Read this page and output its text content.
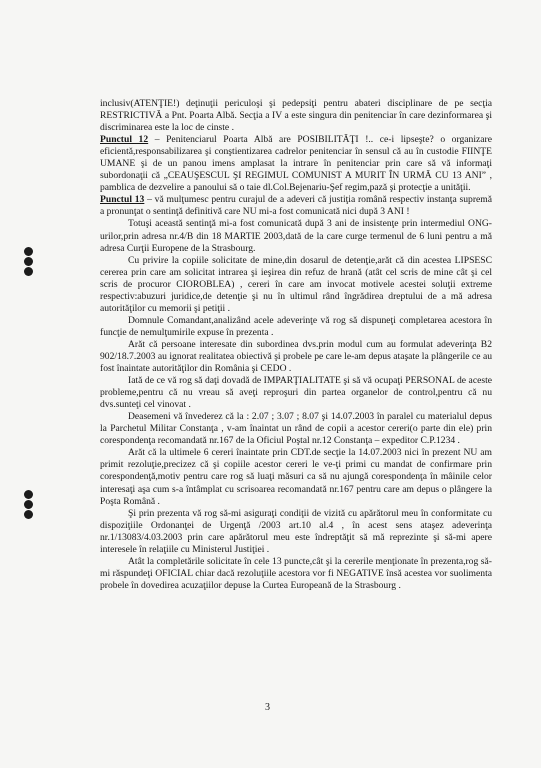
inclusiv(ATENŢIE!) deţinuţii periculoşi şi pedepsiţi pentru abateri disciplinare de pe secţia RESTRICTIVĂ a Pnt. Poarta Albă. Secţia a IV a este singura din penitenciar în care dezinformarea şi discriminarea este la loc de cinste .

Punctul 12 – Penitenciarul Poarta Albă are POSIBILITĂŢI !.. ce-i lipseşte? o organizare eficientă,responsabilizarea şi conştientizarea cadrelor penitenciar în sensul că au în custodie FIINŢE UMANE şi de un panou imens amplasat la intrare în penitenciar prin care să vă informaţi subordonaţii că „CEAUŞESCUL ŞI REGIMUL COMUNIST A MURIT ÎN URMĂ CU 13 ANI” , pamblica de dezvelire a panoului să o taie dl.Col.Bejenariu-Şef regim,pază şi protecţie a unităţii.

Punctul 13 – vă mulţumesc pentru curajul de a adeveri că justiţia română respectiv instanţa supremă a pronunţat o sentinţă definitivă care NU mi-a fost comunicată nici după 3 ANI !

Totuşi această sentinţă mi-a fost comunicată după 3 ani de insistenţe prin intermediul ONG-urilor,prin adresa nr.4/B din 18 MARTIE 2003,dată de la care curge termenul de 6 luni pentru a mă adresa Curţii Europene de la Strasbourg.

Cu privire la copiile solicitate de mine,din dosarul de detenţie,arăt că din acestea LIPSESC cererea prin care am solicitat intrarea şi ieşirea din refuz de hrană (atât cel scris de mine cât şi cel scris de procuror CIOROBLEA) , cereri în care am invocat motivele acestei soluţii extreme respectiv:abuzuri juridice,de detenţie şi nu în ultimul rând îngrădirea dreptului de a mă adresa autorităţilor cu memorii şi petiţii .

Domnule Comandant,analizând acele adeverinţe vă rog să dispuneţi completarea acestora în funcţie de nemulţumirile expuse în prezenta .

Arăt că persoane interesate din subordinea dvs.prin modul cum au formulat adeverinţa B2 902/18.7.2003 au ignorat realitatea obiectivă şi probele pe care le-am depus ataşate la plângerile ce au fost înaintate autorităţilor din România şi CEDO .

Iată de ce vă rog să daţi dovadă de IMPARŢIALITATE şi să vă ocupaţi PERSONAL de aceste probleme,pentru că nu vreau să aveţi reproşuri din partea organelor de control,pentru că nu dvs.sunteţi cel vinovat .

Deasemeni vă învederez că la : 2.07 ; 3.07 ; 8.07 şi 14.07.2003 în paralel cu materialul depus la Parchetul Militar Constanţa , v-am înaintat un rând de copii a acestor cereri(o parte din ele) prin corespondenţa recomandată nr.167 de la Oficiul Poştal nr.12 Constanţa – expeditor C.P.1234 .

Arăt că la ultimele 6 cereri înaintate prin CDT.de secţie la 14.07.2003 nici în prezent NU am primit rezoluţie,precizez că şi copiile acestor cereri le ve-ţi primi cu mandat de confirmare prin corespondenţă,motiv pentru care rog să luaţi măsuri ca să nu ajungă corespondenţa în mâinile celor interesaţi aşa cum s-a întâmplat cu scrisoarea recomandată nr.167 pentru care am depus o plângere la Poşta Română .

Şi prin prezenta vă rog să-mi asiguraţi condiţii de vizită cu apărătorul meu în conformitate cu dispoziţiile Ordonanţei de Urgenţă /2003 art.10 al.4 , în acest sens ataşez adeverinţa nr.1/13083/4.03.2003 prin care apărătorul meu este îndreptăţit să mă reprezinte şi să-mi apere interesele în relaţiile cu Ministerul Justiţiei .

Atât la completările solicitate în cele 13 puncte,cât şi la cererile menţionate în prezenta,rog să-mi răspundeţi OFICIAL chiar dacă rezoluţiile acestora vor fi NEGATIVE însă acestea vor suolimenta probele în dovedirea acuzaţiilor depuse la Curtea Europeană de la Strasbourg .

3
